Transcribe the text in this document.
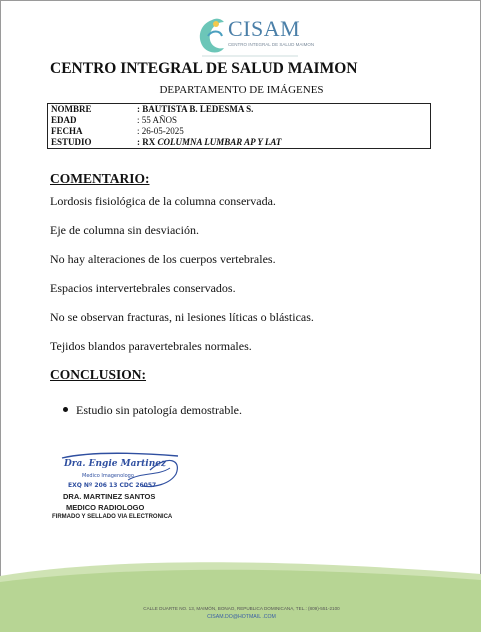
CISAM
CENTRO INTEGRAL DE SALUD MAIMON
CENTRO INTEGRAL DE SALUD MAIMON
DEPARTAMENTO DE IMÁGENES
NOMBRE	: BAUTISTA B. LEDESMA S.
EDAD	: 55 AÑOS
FECHA	: 26-05-2025
ESTUDIO	: RX COLUMNA LUMBAR AP Y LAT
COMENTARIO:
Lordosis fisiológica de la columna conservada.
Eje de columna sin desviación.
No hay alteraciones de los cuerpos vertebrales.
Espacios intervertebrales conservados.
No se observan fracturas, ni lesiones líticas o blásticas.
Tejidos blandos paravertebrales normales.
CONCLUSION:
Estudio sin patología demostrable.
Dra. Engie Martinez
Medico Imagenologo
EXQ Nº 206 13 CDC 26057
DRA. MARTINEZ SANTOS
MEDICO RADIOLOGO
FIRMADO Y SELLADO VIA ELECTRONICA
CALLE DUARTE NO. 13, MAIMÓN, BONAO, REPUBLICA DOMINICANA, TEL.: (809)-551-2100
CISAM.DO@HOTMAIL .COM
